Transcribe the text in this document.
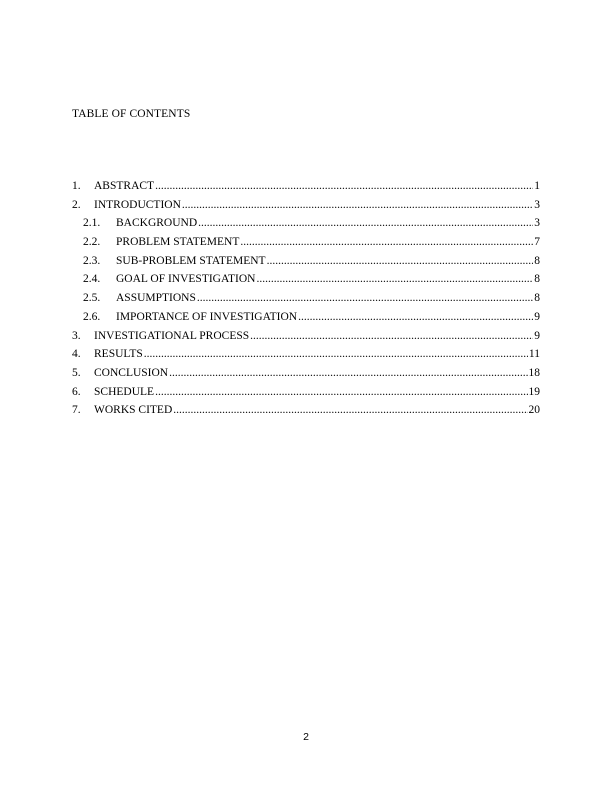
TABLE OF CONTENTS
1.	ABSTRACT .....	1
2.	INTRODUCTION .....	3
2.1.	BACKGROUND .....	3
2.2.	PROBLEM STATEMENT .....	7
2.3.	SUB-PROBLEM STATEMENT .....	8
2.4.	GOAL OF INVESTIGATION .....	8
2.5.	ASSUMPTIONS .....	8
2.6.	IMPORTANCE OF INVESTIGATION .....	9
3.	INVESTIGATIONAL PROCESS .....	9
4.	RESULTS .....	11
5.	CONCLUSION .....	18
6.	SCHEDULE .....	19
7.	WORKS CITED .....	20
2
